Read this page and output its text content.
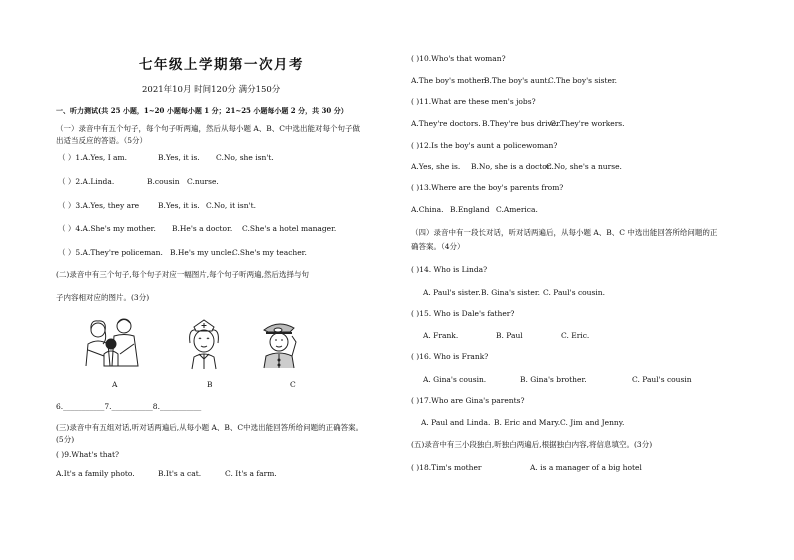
七年级上学期第一次月考
2021年10月 时间120分 满分150分
一、听力测试(共 25 小题，1~20 小题每小题 1 分；21~25 小题每小题 2 分，共 30 分）
（一）录音中有五个句子，每个句子听两遍，然后从每小题 A、B、C中选出能对每个句子做
出适当反应的答语。（5分）
（ ）1.A.Yes, I am.	B.Yes, it is. C.No, she isn't.
（ ）2.A.Linda.	B.cousin C.nurse.
（ ）3.A.Yes, they are	B.Yes, it is. C.No, it isn't.
（ ）4.A.She's my mother. B.He's a doctor. C.She's a hotel manager.
（ ）5.A.They're policeman. B.He's my uncle.
C.She's my teacher.
(二)录音中有三个句子,每个句子对应一幅图片,每个句子听两遍,然后选择与句
子内容相对应的图片。(3分)
A	B	C
6.___________7.___________8.___________
(三)录音中有五组对话,听对话两遍后,从每小题 A、B、C中选出能回答所给问题的正确答案。
(5分)
( )9.What's that?
A.It's a family photo.	B.It's a cat.	C. It's a farm.
( )10.Who's that woman?
A.The boy's mother.
B.The boy's aunt.
C.The boy's sister.
( )11.What are these men's jobs?
A.They're doctors. B.They're bus driver.
C. They're workers.
( )12.Is the boy's aunt a policewoman?
A.Yes, she is. B.No, she is a doctor.
C.No, she's a nurse.
( )13.Where are the boy's parents from?
A.China. B.England C.America.
（四）录音中有一段长对话，听对话两遍后，从每小题 A、B、C 中选出能回答所给问题的正
确答案。（4分）
( )14. Who is Linda?
A. Paul's sister. B. Gina's sister. C. Paul's cousin.
( )15. Who is Dale's father?
A. Frank.	B. Paul	C. Eric.
( )16. Who is Frank?
A. Gina's cousin.	B. Gina's brother.	C. Paul's cousin
( )17.Who are Gina's parents?
A. Paul and Linda. B. Eric and Mary. C. Jim and Jenny.
(五)录音中有三小段独白,听独白两遍后,根据独白内容,将信息填空。(3分)
( )18.Tim's mother	A. is a manager of a big hotel
